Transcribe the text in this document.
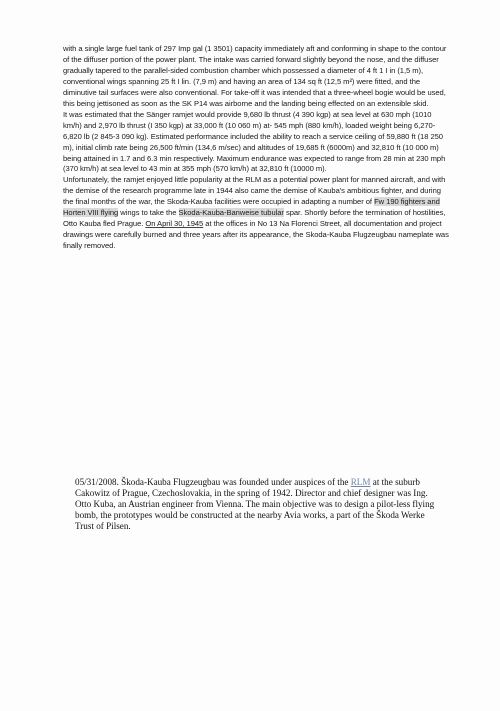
with a single large fuel tank of 297 Imp gal (1 3501) capacity immediately aft and conforming in shape to the contour of the diffuser portion of the power plant. The intake was carried forward slightly beyond the nose, and the diffuser gradually tapered to the parallel-sided combustion chamber which possessed a diameter of 4 ft 1 I in (1,5 m), conventional wings spanning 25 ft I lin. (7,9 m) and having an area of 134 sq ft (12,5 m²) were fitted, and the diminutive tail surfaces were also conventional. For take-off it was intended that a three-wheel bogie would be used, this being jettisoned as soon as the SK P14 was airborne and the landing being effected on an extensible skid.

It was estimated that the Sänger ramjet would provide 9,680 lb thrust (4 390 kgp) at sea level at 630 mph (1010 km/h) and 2,970 lb thrust (I 350 kgp) at 33,000 ft (10 060 m) at- 545 mph (880 km/h), loaded weight being 6,270-6,820 lb (2 845-3 090 kg). Estimated performance included the ability to reach a service ceiling of 59,880 ft (18 250 m), initial climb rate being 26,500 ft/min (134,6 m/sec) and altitudes of 19,685 ft (6000m) and 32,810 ft (10 000 m) being attained in 1.7 and 6.3 min respectively. Maximum endurance was expected to range from 28 min at 230 mph (370 km/h) at sea level to 43 min at 355 mph (570 km/h) at 32,810 ft (10000 m).

Unfortunately, the ramjet enjoyed little popularity at the RLM as a potential power plant for manned aircraft, and with the demise of the research programme late in 1944 also came the demise of Kauba's ambitious fighter, and during the final months of the war, the Skoda-Kauba facilities were occupied in adapting a number of Fw 190 fighters and Horten VIII flying wings to take the Skoda-Kauba-Banweise tubular spar. Shortly before the termination of hostilities, Otto Kauba fled Prague. On April 30, 1945 at the offices in No 13 Na Florenci Street, all documentation and project drawings were carefully burned and three years after its appearance, the Skoda-Kauba Flugzeugbau nameplate was finally removed.

05/31/2008. Škoda-Kauba Flugzeugbau was founded under auspices of the RLM at the suburb Cakowitz of Prague, Czechoslovakia, in the spring of 1942. Director and chief designer was Ing. Otto Kuba, an Austrian engineer from Vienna. The main objective was to design a pilot-less flying bomb, the prototypes would be constructed at the nearby Avia works, a part of the Škoda Werke Trust of Pilsen.
